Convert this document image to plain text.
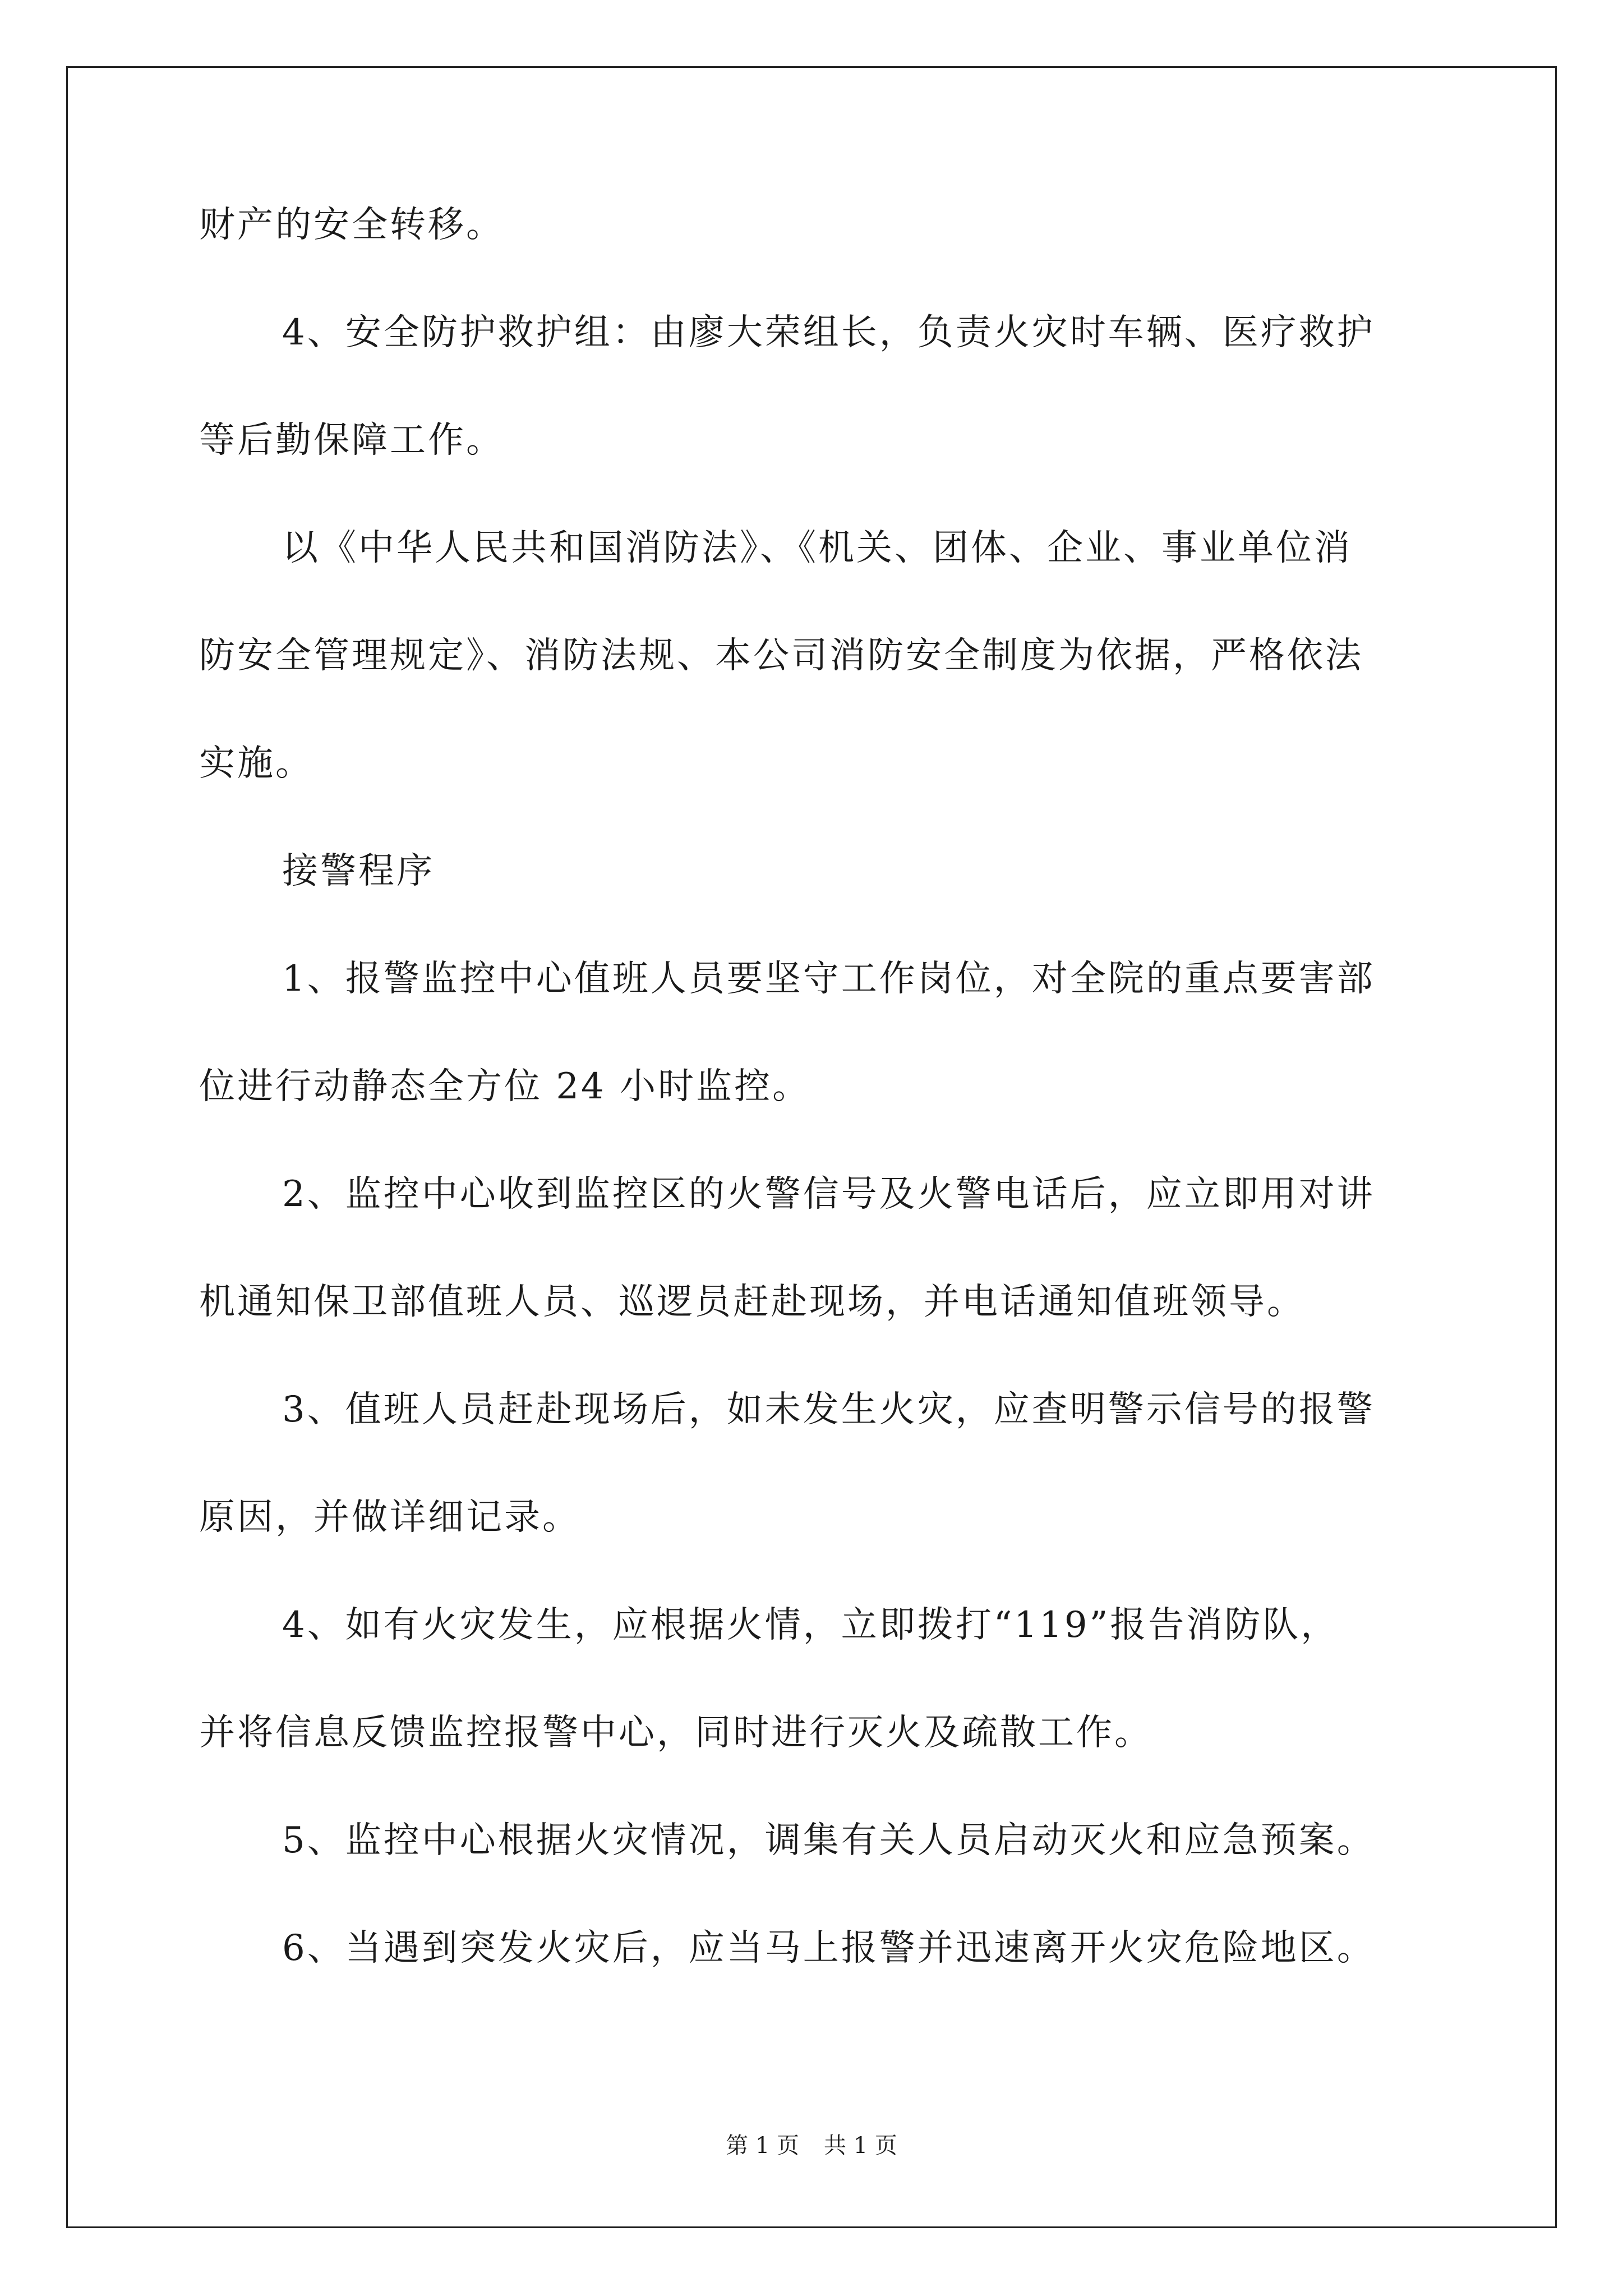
财产的安全转移。
4、安全防护救护组：由廖大荣组长，负责火灾时车辆、医疗救护
等后勤保障工作。
以《中华人民共和国消防法》、《机关、团体、企业、事业单位消
防安全管理规定》、消防法规、本公司消防安全制度为依据，严格依法
实施。
接警程序
1、报警监控中心值班人员要坚守工作岗位，对全院的重点要害部
位进行动静态全方位 24 小时监控。
2、监控中心收到监控区的火警信号及火警电话后，应立即用对讲
机通知保卫部值班人员、巡逻员赶赴现场，并电话通知值班领导。
3、值班人员赶赴现场后，如未发生火灾，应查明警示信号的报警
原因，并做详细记录。
4、如有火灾发生，应根据火情，立即拨打“119”报告消防队，
并将信息反馈监控报警中心，同时进行灭火及疏散工作。
5、监控中心根据火灾情况，调集有关人员启动灭火和应急预案。
6、当遇到突发火灾后，应当马上报警并迅速离开火灾危险地区。
第 1 页 共 1 页
